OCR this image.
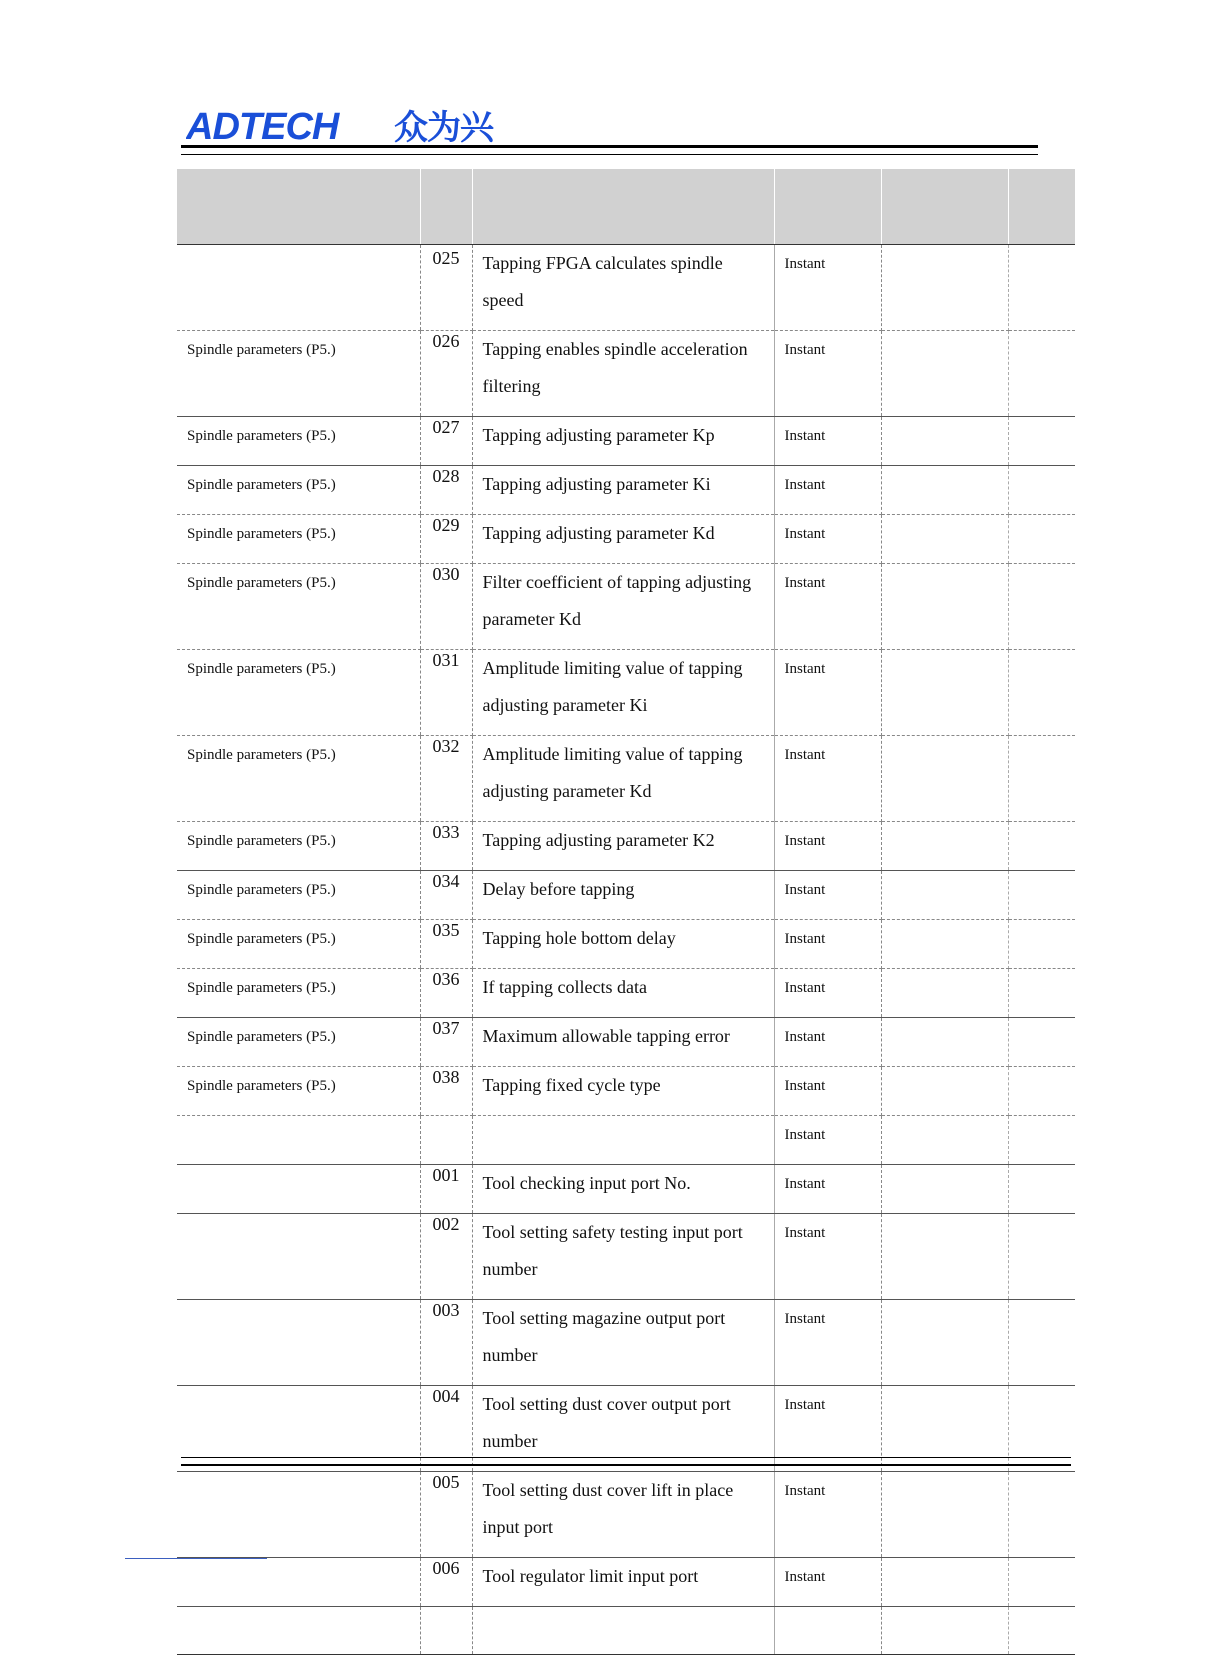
ADTECH 众为兴

	025	Tapping FPGA calculates spindle speed	Instant		
Spindle parameters (P5.)	026	Tapping enables spindle acceleration filtering	Instant		
Spindle parameters (P5.)	027	Tapping adjusting parameter Kp	Instant		
Spindle parameters (P5.)	028	Tapping adjusting parameter Ki	Instant		
Spindle parameters (P5.)	029	Tapping adjusting parameter Kd	Instant		
Spindle parameters (P5.)	030	Filter coefficient of tapping adjusting parameter Kd	Instant		
Spindle parameters (P5.)	031	Amplitude limiting value of tapping adjusting parameter Ki	Instant		
Spindle parameters (P5.)	032	Amplitude limiting value of tapping adjusting parameter Kd	Instant		
Spindle parameters (P5.)	033	Tapping adjusting parameter K2	Instant		
Spindle parameters (P5.)	034	Delay before tapping	Instant		
Spindle parameters (P5.)	035	Tapping hole bottom delay	Instant		
Spindle parameters (P5.)	036	If tapping collects data	Instant		
Spindle parameters (P5.)	037	Maximum allowable tapping error	Instant		
Spindle parameters (P5.)	038	Tapping fixed cycle type	Instant		
			Instant		
	001	Tool checking input port No.	Instant		
	002	Tool setting safety testing input port number	Instant		
	003	Tool setting magazine output port number	Instant		
	004	Tool setting dust cover output port number	Instant		
	005	Tool setting dust cover lift in place input port	Instant		
	006	Tool regulator limit input port	Instant		
